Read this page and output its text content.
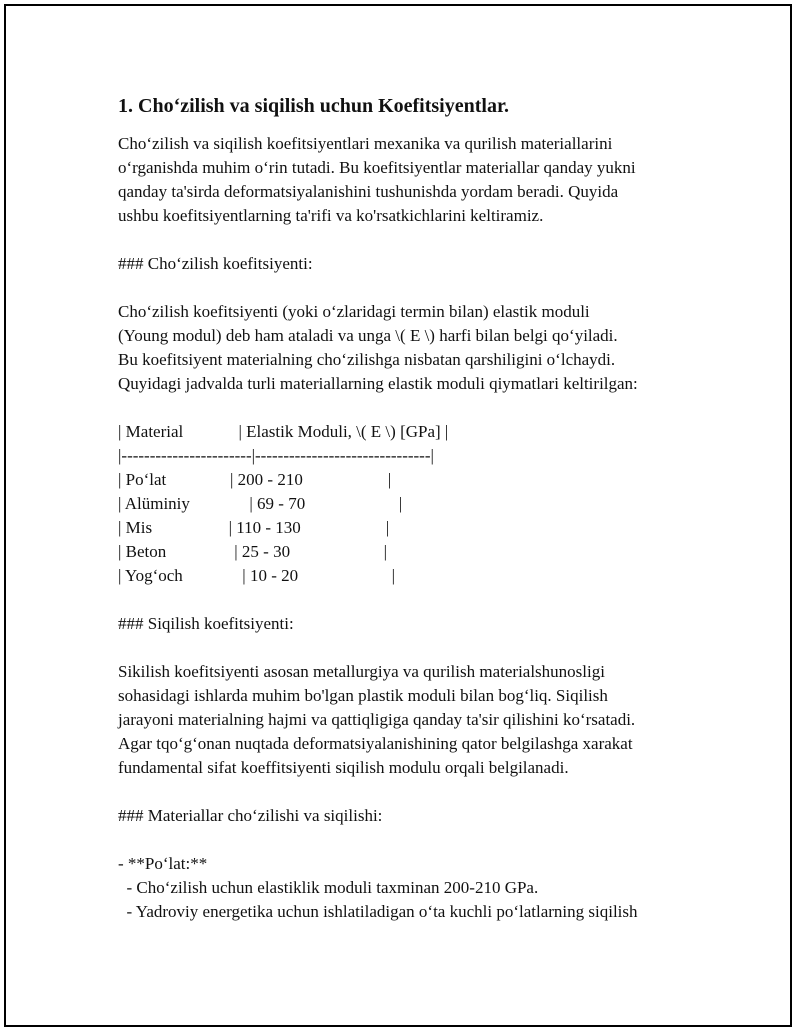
1. Cho‘zilish va siqilish uchun Koefitsiyentlar.

Cho‘zilish va siqilish koefitsiyentlari mexanika va qurilish materiallarini

o‘rganishda muhim o‘rin tutadi. Bu koefitsiyentlar materiallar qanday yukni

qanday ta'sirda deformatsiyalanishini tushunishda yordam beradi. Quyida

ushbu koefitsiyentlarning ta'rifi va ko'rsatkichlarini keltiramiz.

### Cho‘zilish koefitsiyenti:

Cho‘zilish koefitsiyenti (yoki o‘zlaridagi termin bilan) elastik moduli

(Young modul) deb ham ataladi va unga \( E \) harfi bilan belgi qo‘yiladi.

Bu koefitsiyent materialning cho‘zilishga nisbatan qarshiligini o‘lchaydi.

Quyidagi jadvalda turli materiallarning elastik moduli qiymatlari keltirilgan:

| Material             | Elastik Moduli, \( E \) [GPa] |

|-----------------------|-------------------------------|

| Po‘lat               | 200 - 210                    |

| Alüminiy              | 69 - 70                      |

| Mis                  | 110 - 130                    |

| Beton                | 25 - 30                      |

| Yog‘och              | 10 - 20                      |

### Siqilish koefitsiyenti:

Sikilish koefitsiyenti asosan metallurgiya va qurilish materialshunosligi

sohasidagi ishlarda muhim bo'lgan plastik moduli bilan bog‘liq. Siqilish

jarayoni materialning hajmi va qattiqligiga qanday ta'sir qilishini ko‘rsatadi.

Agar tqo‘g‘onan nuqtada deformatsiyalanishining qator belgilashga xarakat

fundamental sifat koeffitsiyenti siqilish modulu orqali belgilanadi.

### Materiallar cho‘zilishi va siqilishi:

- **Po‘lat:**

- Cho‘zilish uchun elastiklik moduli taxminan 200-210 GPa.

- Yadroviy energetika uchun ishlatiladigan o‘ta kuchli po‘latlarning siqilish
